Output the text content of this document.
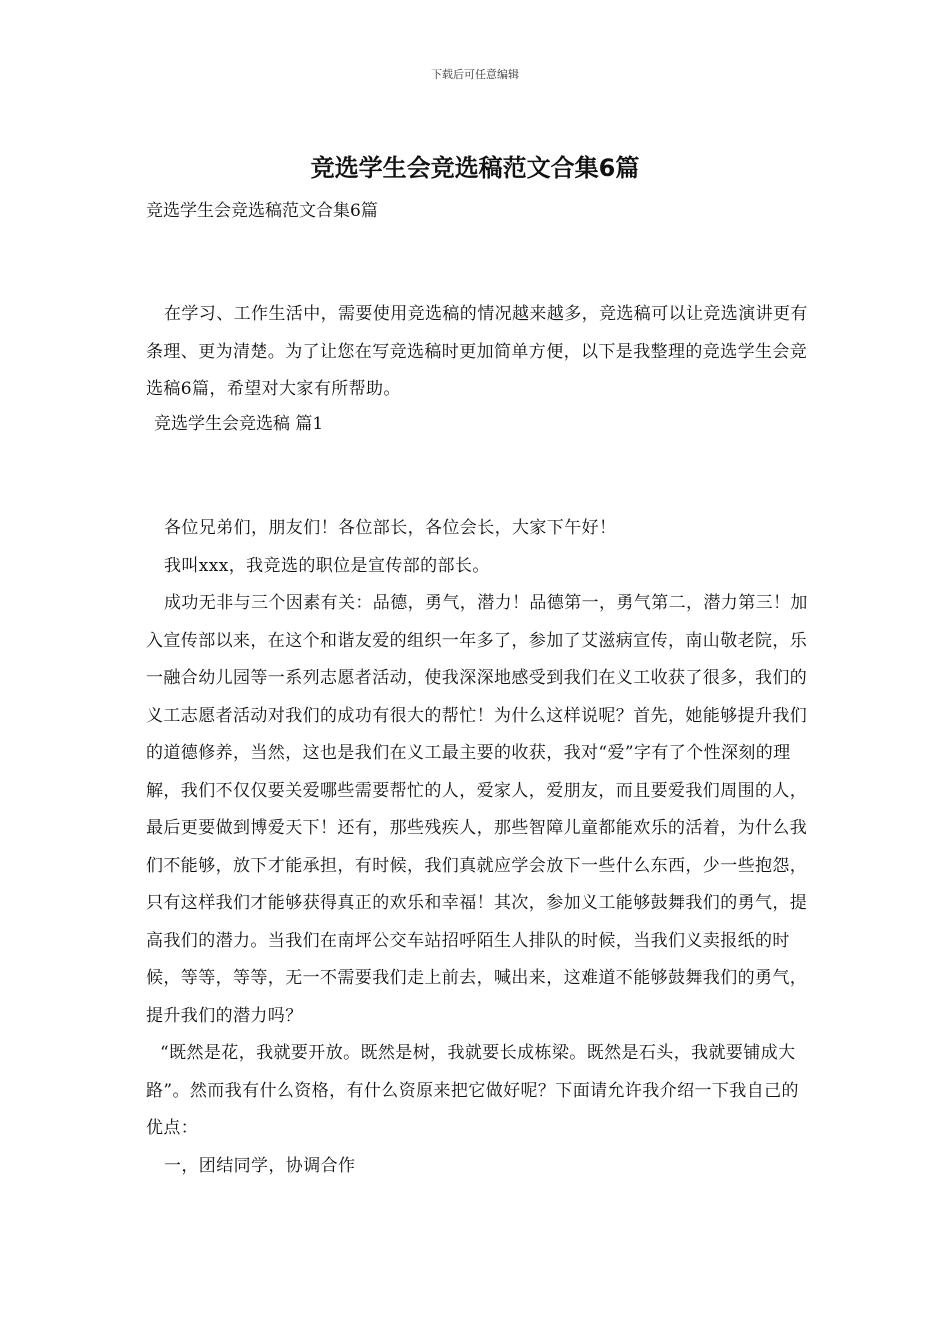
下载后可任意编辑
竞选学生会竞选稿范文合集6篇
竞选学生会竞选稿范文合集6篇

在学习、工作生活中，需要使用竞选稿的情况越来越多，竞选稿可以让竞选演讲更有条理、更为清楚。为了让您在写竞选稿时更加简单方便，以下是我整理的竞选学生会竞选稿6篇，希望对大家有所帮助。

竞选学生会竞选稿 篇1

各位兄弟们，朋友们！各位部长，各位会长，大家下午好！

我叫xxx，我竞选的职位是宣传部的部长。

成功无非与三个因素有关：品德，勇气，潜力！品德第一，勇气第二，潜力第三！加入宣传部以来，在这个和谐友爱的组织一年多了，参加了艾滋病宣传，南山敬老院，乐一融合幼儿园等一系列志愿者活动，使我深深地感受到我们在义工收获了很多，我们的义工志愿者活动对我们的成功有很大的帮忙！为什么这样说呢？首先，她能够提升我们的道德修养，当然，这也是我们在义工最主要的收获，我对“爱”字有了个性深刻的理解，我们不仅仅要关爱哪些需要帮忙的人，爱家人，爱朋友，而且要爱我们周围的人，最后更要做到博爱天下！还有，那些残疾人，那些智障儿童都能欢乐的活着，为什么我们不能够，放下才能承担，有时候，我们真就应学会放下一些什么东西，少一些抱怨，只有这样我们才能够获得真正的欢乐和幸福！其次，参加义工能够鼓舞我们的勇气，提高我们的潜力。当我们在南坪公交车站招呼陌生人排队的时候，当我们义卖报纸的时候，等等，等等，无一不需要我们走上前去，喊出来，这难道不能够鼓舞我们的勇气，提升我们的潜力吗？

“既然是花，我就要开放。既然是树，我就要长成栋梁。既然是石头，我就要铺成大路”。然而我有什么资格，有什么资原来把它做好呢？下面请允许我介绍一下我自己的优点：

一，团结同学，协调合作
